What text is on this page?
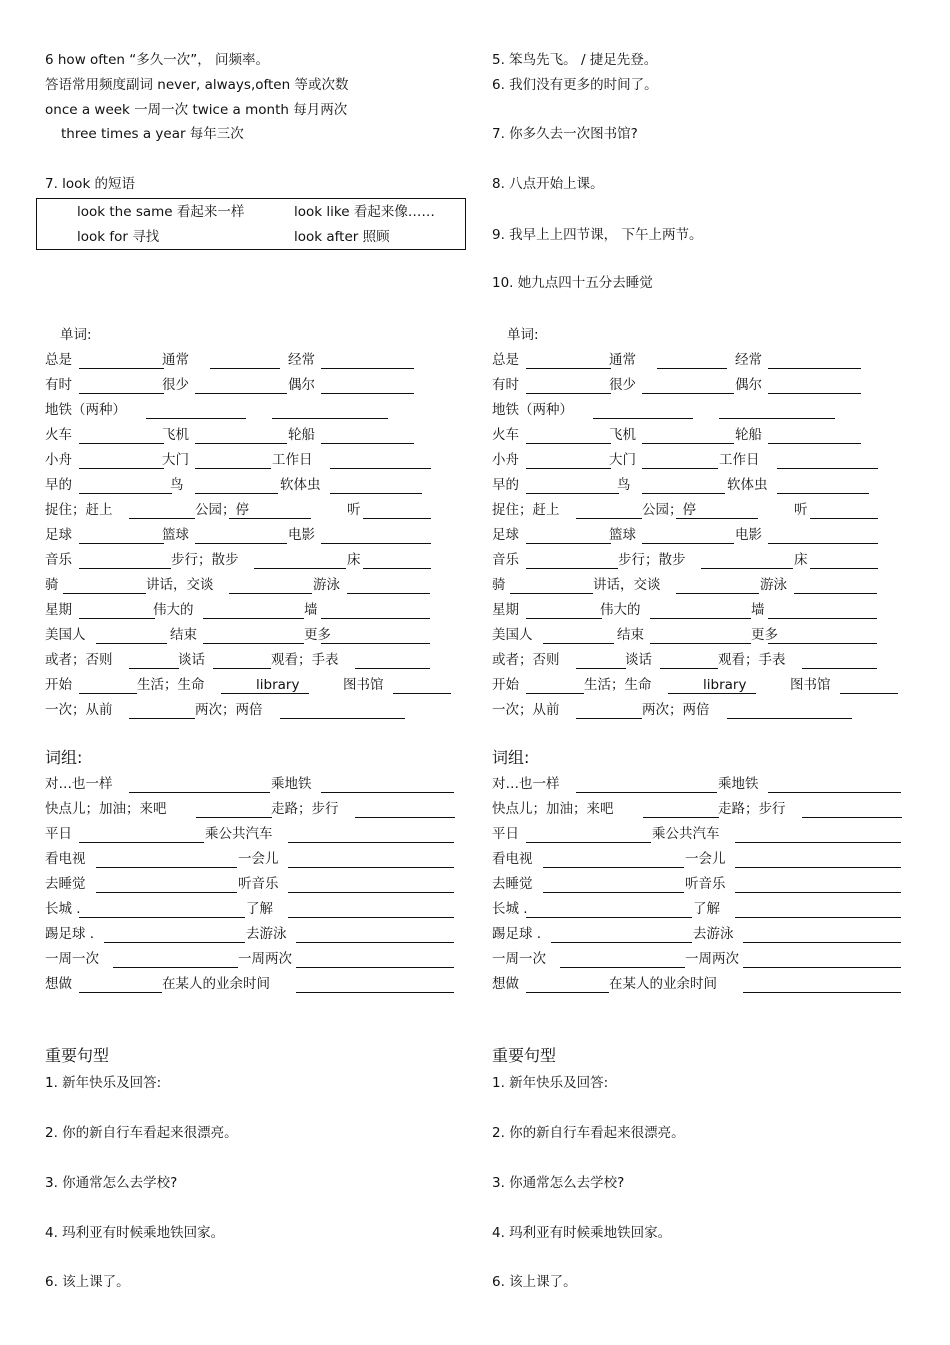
6 how often “多久一次”， 问频率。
答语常用频度副词 never, always,often 等或次数
once a week 一周一次 twice a month 每月两次
three times a year 每年三次
7. look 的短语
look the same 看起来一样	look like 看起来像……
look for 寻找	look after 照顾
单词:
总是	通常	经常
有时	很少	偶尔
地铁（两种）
火车	飞机	轮船
小舟	大门	工作日
早的	鸟	软体虫
捉住；赶上	公园；停	听
足球	篮球	电影
音乐	步行；散步	床
骑	讲话，交谈	游泳
星期	伟大的	墙
美国人	结束	更多
或者；否则	谈话	观看；手表
开始	生活；生命	library	图书馆
一次；从前	两次；两倍
词组:
对…也一样	乘地铁
快点儿；加油；来吧	走路；步行
平日	乘公共汽车
看电视	一会儿
去睡觉	听音乐
长城 .	了解
踢足球 .	去游泳
一周一次	一周两次
想做	在某人的业余时间
重要句型
1. 新年快乐及回答:
2. 你的新自行车看起来很漂亮。
3. 你通常怎么去学校?
4. 玛利亚有时候乘地铁回家。
6. 该上课了。
5. 笨鸟先飞。 / 捷足先登。
6. 我们没有更多的时间了。
7. 你多久去一次图书馆?
8. 八点开始上课。
9. 我早上上四节课， 下午上两节。
10. 她九点四十五分去睡觉
单词:
总是	通常	经常
有时	很少	偶尔
地铁（两种）
火车	飞机	轮船
小舟	大门	工作日
早的	鸟	软体虫
捉住；赶上	公园；停	听
足球	篮球	电影
音乐	步行；散步	床
骑	讲话，交谈	游泳
星期	伟大的	墙
美国人	结束	更多
或者；否则	谈话	观看；手表
开始	生活；生命	library	图书馆
一次；从前	两次；两倍
词组:
对…也一样	乘地铁
快点儿；加油；来吧	走路；步行
平日	乘公共汽车
看电视	一会儿
去睡觉	听音乐
长城 .	了解
踢足球 .	去游泳
一周一次	一周两次
想做	在某人的业余时间
重要句型
1. 新年快乐及回答:
2. 你的新自行车看起来很漂亮。
3. 你通常怎么去学校?
4. 玛利亚有时候乘地铁回家。
6. 该上课了。
